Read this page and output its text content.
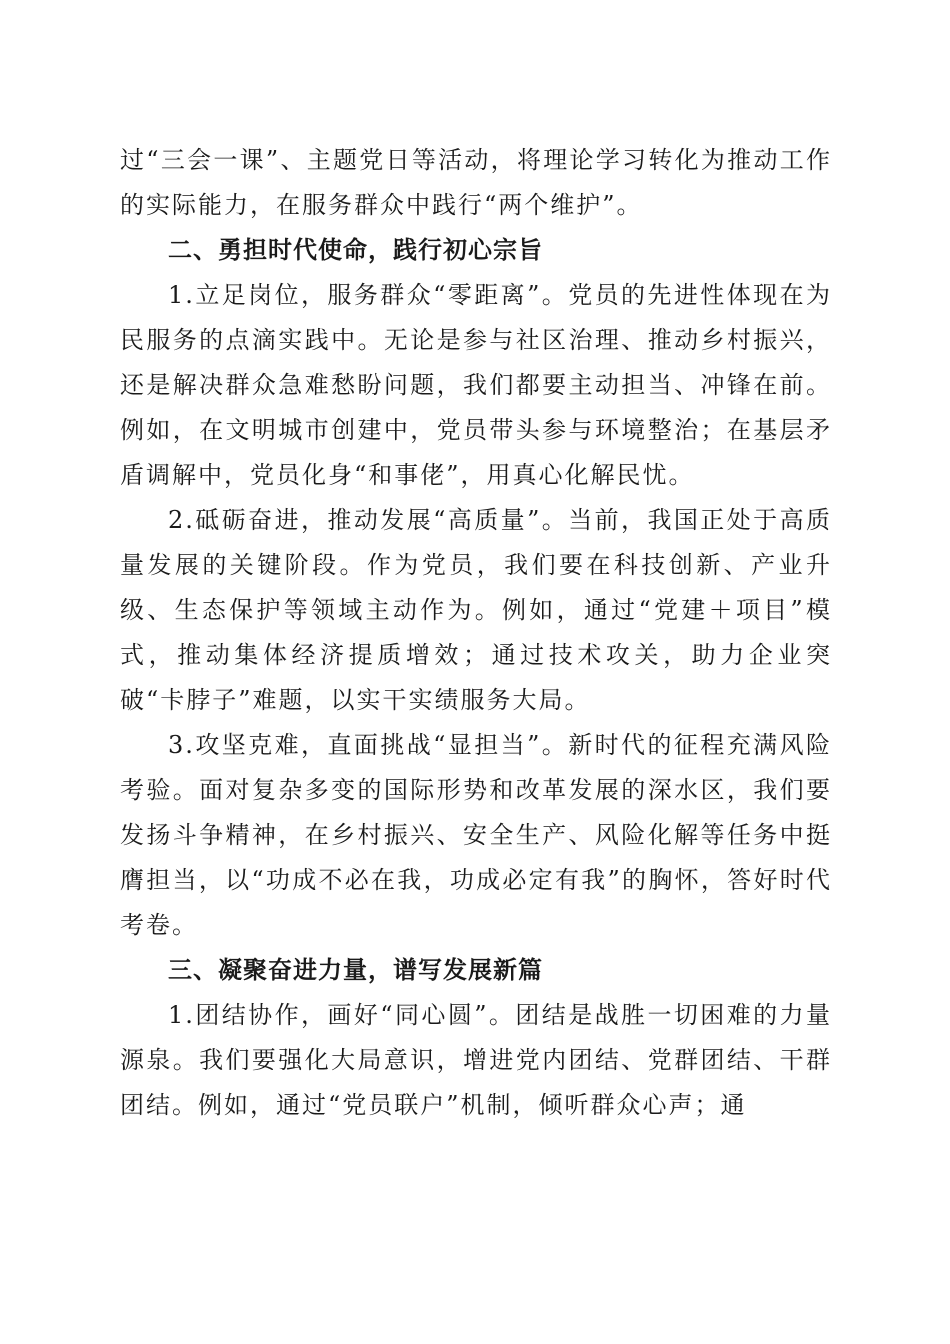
过“三会一课”、主题党日等活动，将理论学习转化为推动工作的实际能力，在服务群众中践行“两个维护”。

二、勇担时代使命，践行初心宗旨

1.立足岗位，服务群众“零距离”。党员的先进性体现在为民服务的点滴实践中。无论是参与社区治理、推动乡村振兴，还是解决群众急难愁盼问题，我们都要主动担当、冲锋在前。例如，在文明城市创建中，党员带头参与环境整治；在基层矛盾调解中，党员化身“和事佬”，用真心化解民忧。

2.砥砺奋进，推动发展“高质量”。当前，我国正处于高质量发展的关键阶段。作为党员，我们要在科技创新、产业升级、生态保护等领域主动作为。例如，通过“党建＋项目”模式，推动集体经济提质增效；通过技术攻关，助力企业突破“卡脖子”难题，以实干实绩服务大局。

3.攻坚克难，直面挑战“显担当”。新时代的征程充满风险考验。面对复杂多变的国际形势和改革发展的深水区，我们要发扬斗争精神，在乡村振兴、安全生产、风险化解等任务中挺膺担当，以“功成不必在我，功成必定有我”的胸怀，答好时代考卷。

三、凝聚奋进力量，谱写发展新篇

1.团结协作，画好“同心圆”。团结是战胜一切困难的力量源泉。我们要强化大局意识，增进党内团结、党群团结、干群团结。例如，通过“党员联户”机制，倾听群众心声；通
